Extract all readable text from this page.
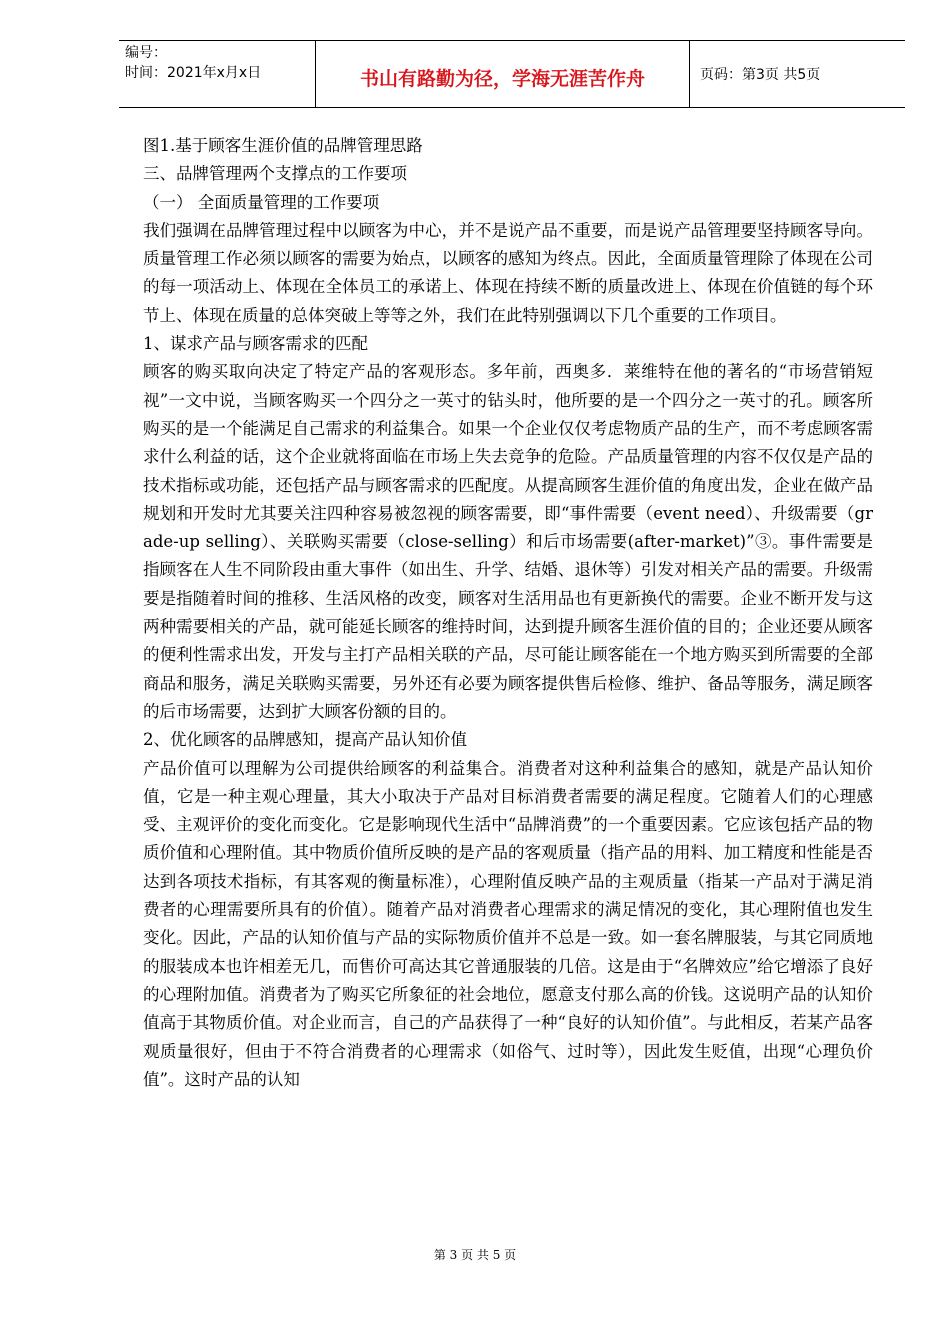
编号：
时间：2021年x月x日	书山有路勤为径，学海无涯苦作舟	页码：第3页 共5页

图1.基于顾客生涯价值的品牌管理思路

三、品牌管理两个支撑点的工作要项

（一） 全面质量管理的工作要项

我们强调在品牌管理过程中以顾客为中心，并不是说产品不重要，而是说产品管理要坚持顾客导向。质量管理工作必须以顾客的需要为始点，以顾客的感知为终点。因此，全面质量管理除了体现在公司的每一项活动上、体现在全体员工的承诺上、体现在持续不断的质量改进上、体现在价值链的每个环节上、体现在质量的总体突破上等等之外，我们在此特别强调以下几个重要的工作项目。

1、谋求产品与顾客需求的匹配

顾客的购买取向决定了特定产品的客观形态。多年前，西奥多．莱维特在他的著名的“市场营销短视”一文中说，当顾客购买一个四分之一英寸的钻头时，他所要的是一个四分之一英寸的孔。顾客所购买的是一个能满足自己需求的利益集合。如果一个企业仅仅考虑物质产品的生产，而不考虑顾客需求什么利益的话，这个企业就将面临在市场上失去竞争的危险。产品质量管理的内容不仅仅是产品的技术指标或功能，还包括产品与顾客需求的匹配度。从提高顾客生涯价值的角度出发，企业在做产品规划和开发时尤其要关注四种容易被忽视的顾客需要，即“事件需要（event need）、升级需要（grade-up selling）、关联购买需要（close-selling）和后市场需要(after-market)”③。事件需要是指顾客在人生不同阶段由重大事件（如出生、升学、结婚、退休等）引发对相关产品的需要。升级需要是指随着时间的推移、生活风格的改变，顾客对生活用品也有更新换代的需要。企业不断开发与这两种需要相关的产品，就可能延长顾客的维持时间，达到提升顾客生涯价值的目的；企业还要从顾客的便利性需求出发，开发与主打产品相关联的产品，尽可能让顾客能在一个地方购买到所需要的全部商品和服务，满足关联购买需要，另外还有必要为顾客提供售后检修、维护、备品等服务，满足顾客的后市场需要，达到扩大顾客份额的目的。

2、优化顾客的品牌感知，提高产品认知价值

产品价值可以理解为公司提供给顾客的利益集合。消费者对这种利益集合的感知，就是产品认知价值，它是一种主观心理量，其大小取决于产品对目标消费者需要的满足程度。它随着人们的心理感受、主观评价的变化而变化。它是影响现代生活中“品牌消费”的一个重要因素。它应该包括产品的物质价值和心理附值。其中物质价值所反映的是产品的客观质量（指产品的用料、加工精度和性能是否达到各项技术指标，有其客观的衡量标准），心理附值反映产品的主观质量（指某一产品对于满足消费者的心理需要所具有的价值）。随着产品对消费者心理需求的满足情况的变化，其心理附值也发生变化。因此，产品的认知价值与产品的实际物质价值并不总是一致。如一套名牌服装，与其它同质地的服装成本也许相差无几，而售价可高达其它普通服装的几倍。这是由于“名牌效应”给它增添了良好的心理附加值。消费者为了购买它所象征的社会地位，愿意支付那么高的价钱。这说明产品的认知价值高于其物质价值。对企业而言，自己的产品获得了一种“良好的认知价值”。与此相反，若某产品客观质量很好，但由于不符合消费者的心理需求（如俗气、过时等），因此发生贬值，出现“心理负价值”。这时产品的认知

第 3 页 共 5 页
